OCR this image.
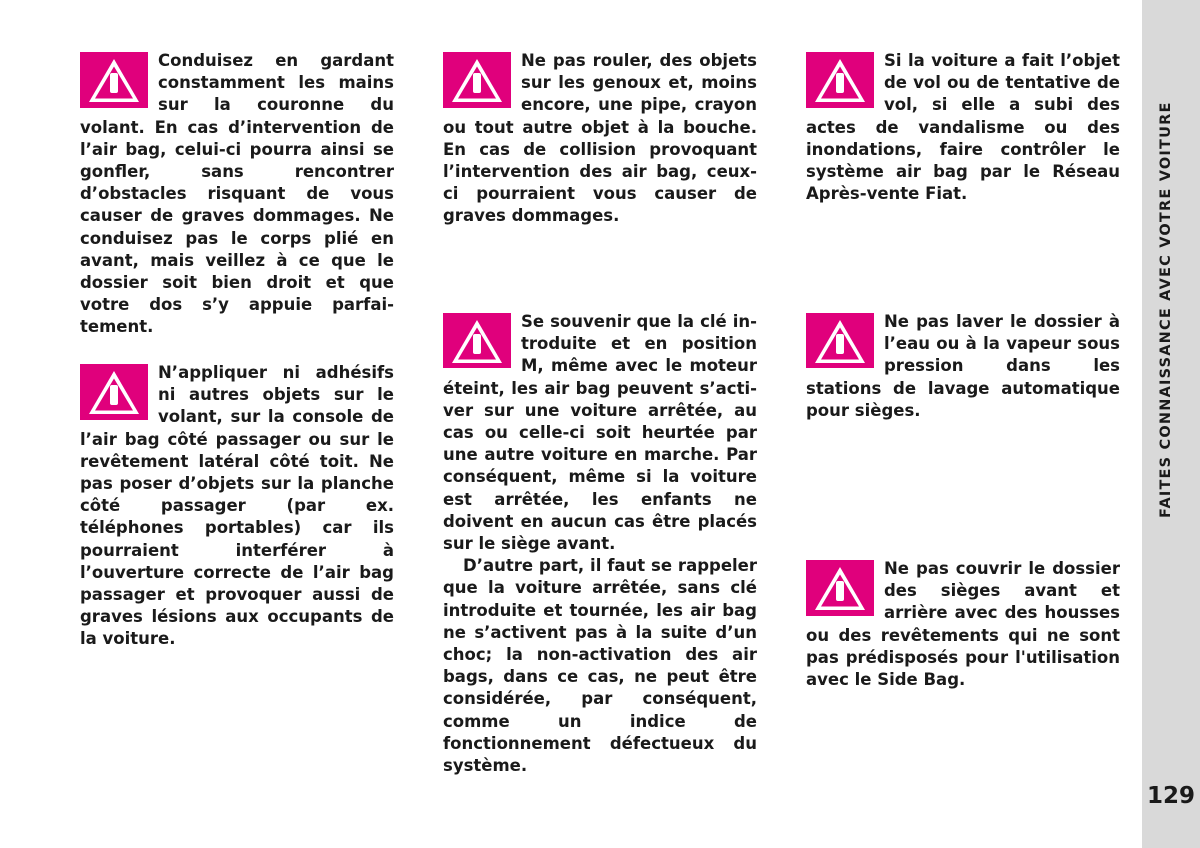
FAITES CONNAISSANCE AVEC VOTRE VOITURE
129

Conduisez en gardant constamment les mains sur la couronne du volant. En cas d’intervention de l’air bag, celui-ci pourra ainsi se gonfler, sans rencontrer d’obstacles risquant de vous causer de graves dommages. Ne conduisez pas le corps plié en avant, mais veillez à ce que le dossier soit bien droit et que votre dos s’y appuie parfaitement.

N’appliquer ni adhésifs ni autres objets sur le volant, sur la console de l’air bag côté passager ou sur le revêtement latéral côté toit. Ne pas poser d’objets sur la planche côté passager (par ex. téléphones portables) car ils pourraient interférer à l’ouverture correcte de l’air bag passager et provoquer aussi de graves lésions aux occupants de la voiture.

Ne pas rouler, des objets sur les genoux et, moins encore, une pipe, crayon ou tout autre objet à la bouche. En cas de collision provoquant l’intervention des air bag, ceux-ci pourraient vous causer de graves dommages.

Se souvenir que la clé introduite et en position M, même avec le moteur éteint, les air bag peuvent s’activer sur une voiture arrêtée, au cas ou celle-ci soit heurtée par une autre voiture en marche. Par conséquent, même si la voiture est arrêtée, les enfants ne doivent en aucun cas être placés sur le siège avant.

D’autre part, il faut se rappeler que la voiture arrêtée, sans clé introduite et tournée, les air bag ne s’activent pas à la suite d’un choc; la non-activation des air bags, dans ce cas, ne peut être considérée, par conséquent, comme un indice de fonctionnement défectueux du système.

Si la voiture a fait l’objet de vol ou de tentative de vol, si elle a subi des actes de vandalisme ou des inondations, faire contrôler le système air bag par le Réseau Après-vente Fiat.

Ne pas laver le dossier à l’eau ou à la vapeur sous pression dans les stations de lavage automatique pour sièges.

Ne pas couvrir le dossier des sièges avant et arrière avec des housses ou des revêtements qui ne sont pas prédisposés pour l'utilisation avec le Side Bag.
